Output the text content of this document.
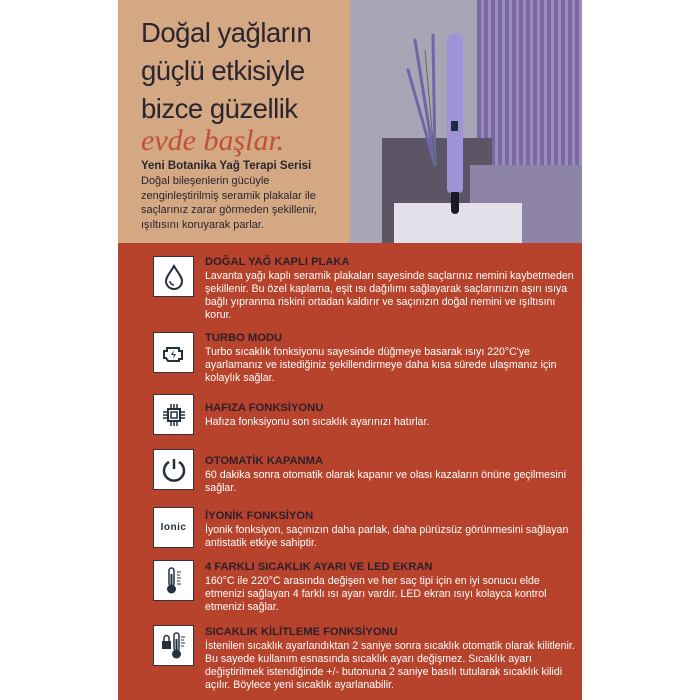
Doğal yağların
güçlü etkisiyle
bizce güzellik
evde başlar.
Yeni Botanika Yağ Terapi Serisi
Doğal bileşenlerin gücüyle zenginleştirilmiş seramik plakalar ile saçlarınız zarar görmeden şekillenir, ışıltısını koruyarak parlar.
DOĞAL YAĞ KAPLI PLAKA
Lavanta yağı kaplı seramik plakaları sayesinde saçlarınız nemini kaybetmeden şekillenir. Bu özel kaplama, eşit ısı dağılımı sağlayarak saçlarınızın aşırı ısıya bağlı yıpranma riskini ortadan kaldırır ve saçınızın doğal nemini ve ışıltısını korur.
TURBO MODU
Turbo sıcaklık fonksiyonu sayesinde düğmeye basarak ısıyı 220°C'ye ayarlamanız ve istediğiniz şekillendirmeye daha kısa sürede ulaşmanız için kolaylık sağlar.
HAFIZA FONKSİYONU
Hafıza fonksiyonu son sıcaklık ayarınızı hatırlar.
OTOMATİK KAPANMA
60 dakika sonra otomatik olarak kapanır ve olası kazaların önüne geçilmesini sağlar.
Ionic
İYONİK FONKSİYON
İyonik fonksiyon, saçınızın daha parlak, daha pürüzsüz görünmesini sağlayan antistatik etkiye sahiptir.
4 FARKLI SICAKLIK AYARI VE LED EKRAN
160°C ile 220°C arasında değişen ve her saç tipi için en iyi sonucu elde etmenizi sağlayan 4 farklı ısı ayarı vardır. LED ekran ısıyı kolayca kontrol etmenizi sağlar.
SICAKLIK KİLİTLEME FONKSİYONU
İstenilen sıcaklık ayarlandıktan 2 saniye sonra sıcaklık otomatik olarak kilitlenir. Bu sayede kullanım esnasında sıcaklık ayarı değişmez. Sıcaklık ayarı değiştirilmek istendiğinde +/- butonuna 2 saniye basılı tutularak sıcaklık kilidi açılır. Böylece yeni sıcaklık ayarlanabilir.
